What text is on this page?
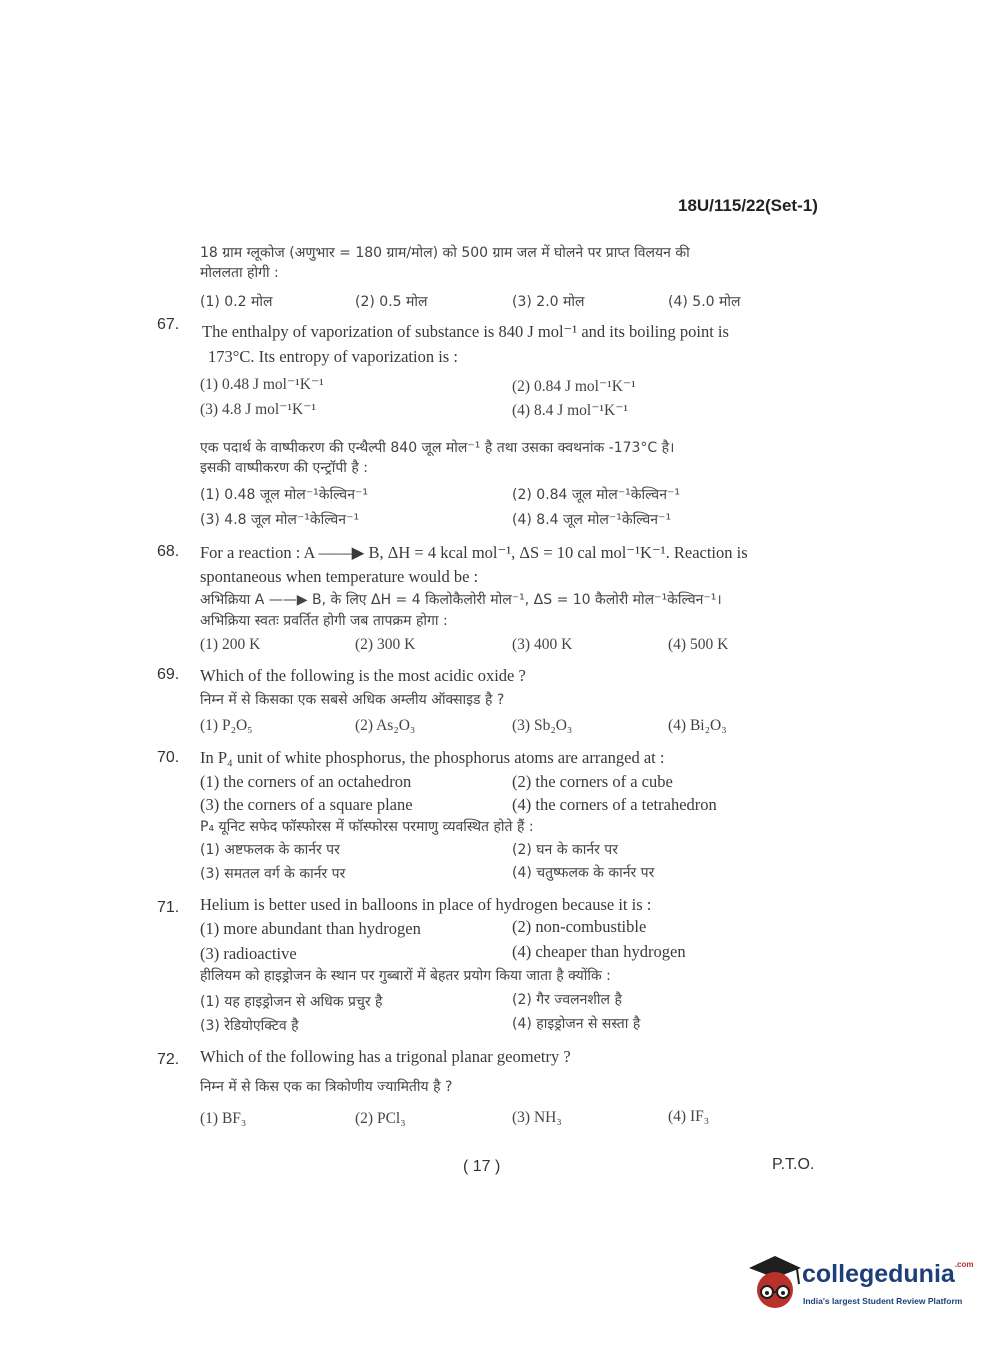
18U/115/22(Set-1)
18 ग्राम ग्लूकोज (अणुभार = 180 ग्राम/मोल) को 500 ग्राम जल में घोलने पर प्राप्त विलयन की
मोललता होगी :
(1) 0.2 मोल	(2) 0.5 मोल	(3) 2.0 मोल	(4) 5.0 मोल
67. The enthalpy of vaporization of substance is 840 J mol⁻¹ and its boiling point is
173°C. Its entropy of vaporization is :
(1) 0.48 J mol⁻¹K⁻¹	(2) 0.84 J mol⁻¹K⁻¹
(3) 4.8 J mol⁻¹K⁻¹	(4) 8.4 J mol⁻¹K⁻¹
एक पदार्थ के वाष्पीकरण की एन्थैल्पी 840 जूल मोल⁻¹ है तथा उसका क्वथनांक -173°C है।
इसकी वाष्पीकरण की एन्ट्रॉपी है :
(1) 0.48 जूल मोल⁻¹केल्विन⁻¹	(2) 0.84 जूल मोल⁻¹केल्विन⁻¹
(3) 4.8 जूल मोल⁻¹केल्विन⁻¹	(4) 8.4 जूल मोल⁻¹केल्विन⁻¹
68. For a reaction : A ——▶ B, ΔH = 4 kcal mol⁻¹, ΔS = 10 cal mol⁻¹K⁻¹. Reaction is
spontaneous when temperature would be :
अभिक्रिया A ——▶ B, के लिए ΔH = 4 किलोकैलोरी मोल⁻¹, ΔS = 10 कैलोरी मोल⁻¹केल्विन⁻¹।
अभिक्रिया स्वतः प्रवर्तित होगी जब तापक्रम होगा :
(1) 200 K	(2) 300 K	(3) 400 K	(4) 500 K
69. Which of the following is the most acidic oxide ?
निम्न में से किसका एक सबसे अधिक अम्लीय ऑक्साइड है ?
(1) P₂O₅	(2) As₂O₃	(3) Sb₂O₃	(4) Bi₂O₃
70. In P₄ unit of white phosphorus, the phosphorus atoms are arranged at :
(1) the corners of an octahedron	(2) the corners of a cube
(3) the corners of a square plane	(4) the corners of a tetrahedron
P₄ यूनिट सफेद फॉस्फोरस में फॉस्फोरस परमाणु व्यवस्थित होते हैं :
(1) अष्टफलक के कार्नर पर	(2) घन के कार्नर पर
(3) समतल वर्ग के कार्नर पर	(4) चतुष्फलक के कार्नर पर
71. Helium is better used in balloons in place of hydrogen because it is :
(1) more abundant than hydrogen	(2) non-combustible
(3) radioactive	(4) cheaper than hydrogen
हीलियम को हाइड्रोजन के स्थान पर गुब्बारों में बेहतर प्रयोग किया जाता है क्योंकि :
(1) यह हाइड्रोजन से अधिक प्रचुर है	(2) गैर ज्वलनशील है
(3) रेडियोएक्टिव है	(4) हाइड्रोजन से सस्ता है
72. Which of the following has a trigonal planar geometry ?
निम्न में से किस एक का त्रिकोणीय ज्यामितीय है ?
(1) BF₃	(2) PCl₃	(3) NH₃	(4) IF₃
( 17 )	P.T.O.
collegedunia$^{.com}$
India's largest Student Review Platform
